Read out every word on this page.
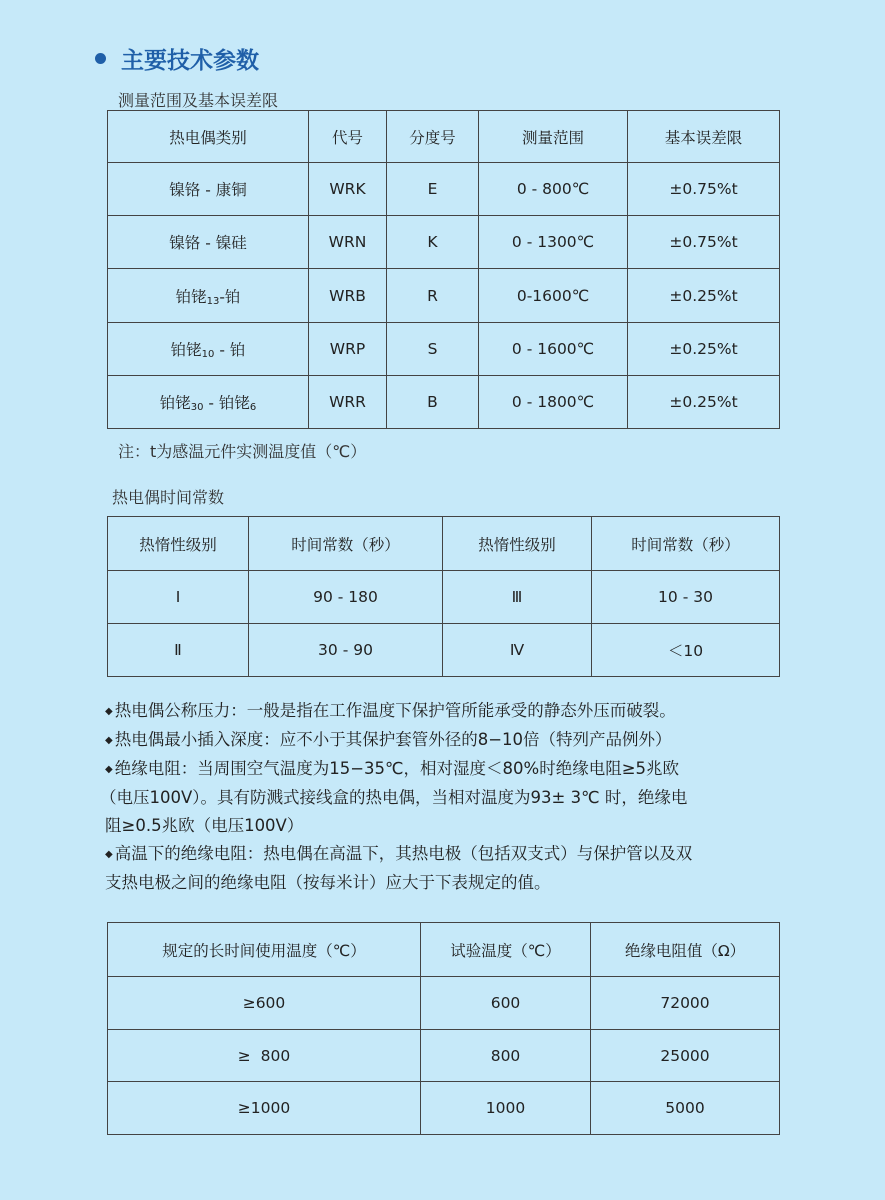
主要技术参数
测量范围及基本误差限
热电偶类别	代号	分度号	测量范围	基本误差限
镍铬 - 康铜	WRK	E	0 - 800℃	±0.75%t
镍铬 - 镍硅	WRN	K	0 - 1300℃	±0.75%t
铂铑13-铂	WRB	R	0-1600℃	±0.25%t
铂铑10 - 铂	WRP	S	0 - 1600℃	±0.25%t
铂铑30 - 铂铑6	WRR	B	0 - 1800℃	±0.25%t
注：t为感温元件实测温度值（℃）
热电偶时间常数
热惰性级别	时间常数（秒）	热惰性级别	时间常数（秒）
Ⅰ	90 - 180	Ⅲ	10 - 30
Ⅱ	30 - 90	Ⅳ	＜10

◆ 热电偶公称压力：一般是指在工作温度下保护管所能承受的静态外压而破裂。

◆ 热电偶最小插入深度：应不小于其保护套管外径的8−10倍（特列产品例外）

◆ 绝缘电阻：当周围空气温度为15−35℃，相对湿度＜80%时绝缘电阻≥5兆欧

（电压100V）。具有防溅式接线盒的热电偶，当相对温度为93± 3℃ 时，绝缘电

阻≥0.5兆欧（电压100V）

◆ 高温下的绝缘电阻：热电偶在高温下，其热电极（包括双支式）与保护管以及双

支热电极之间的绝缘电阻（按每米计）应大于下表规定的值。

规定的长时间使用温度（℃）	试验温度（℃）	绝缘电阻值（Ω）
≥600	600	72000
≥  800	800	25000
≥1000	1000	5000
